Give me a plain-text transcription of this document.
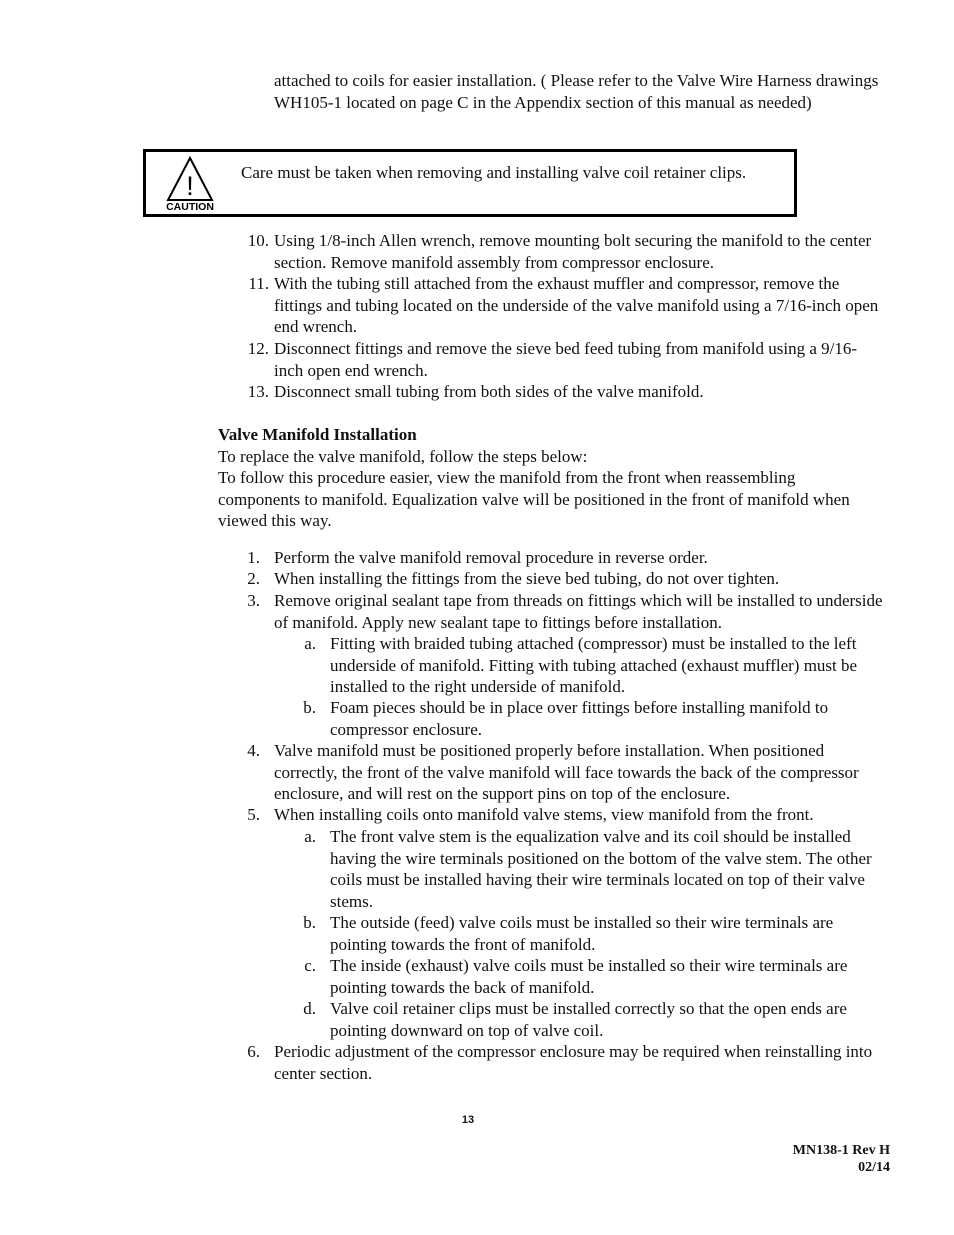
attached to coils for easier installation. ( Please refer to the Valve Wire Harness drawings WH105-1 located on page C in the Appendix section of this manual as needed)

!
CAUTION

Care must be taken when removing and installing valve coil retainer clips.

10. Using 1/8-inch Allen wrench, remove mounting bolt securing the manifold to the center section. Remove manifold assembly from compressor enclosure.
11. With the tubing still attached from the exhaust muffler and compressor, remove the fittings and tubing located on the underside of the valve manifold using a 7/16-inch open end wrench.
12. Disconnect fittings and remove the sieve bed feed tubing from manifold using a 9/16-inch open end wrench.
13. Disconnect small tubing from both sides of the valve manifold.

Valve Manifold Installation

To replace the valve manifold, follow the steps below:

To follow this procedure easier, view the manifold from the front when reassembling components to manifold. Equalization valve will be positioned in the front of manifold when viewed this way.

1. Perform the valve manifold removal procedure in reverse order.
2. When installing the fittings from the sieve bed tubing, do not over tighten.
3. Remove original sealant tape from threads on fittings which will be installed to underside of manifold. Apply new sealant tape to fittings before installation.
a. Fitting with braided tubing attached (compressor) must be installed to the left underside of manifold. Fitting with tubing attached (exhaust muffler) must be installed to the right underside of manifold.
b. Foam pieces should be in place over fittings before installing manifold to compressor enclosure.
4. Valve manifold must be positioned properly before installation. When positioned correctly, the front of the valve manifold will face towards the back of the compressor enclosure, and will rest on the support pins on top of the enclosure.
5. When installing coils onto manifold valve stems, view manifold from the front.
a. The front valve stem is the equalization valve and its coil should be installed having the wire terminals positioned on the bottom of the valve stem. The other coils must be installed having their wire terminals located on top of their valve stems.
b. The outside (feed) valve coils must be installed so their wire terminals are pointing towards the front of manifold.
c. The inside (exhaust) valve coils must be installed so their wire terminals are pointing towards the back of manifold.
d. Valve coil retainer clips must be installed correctly so that the open ends are pointing downward on top of valve coil.
6. Periodic adjustment of the compressor enclosure may be required when reinstalling into center section.
13
MN138-1 Rev H
02/14
